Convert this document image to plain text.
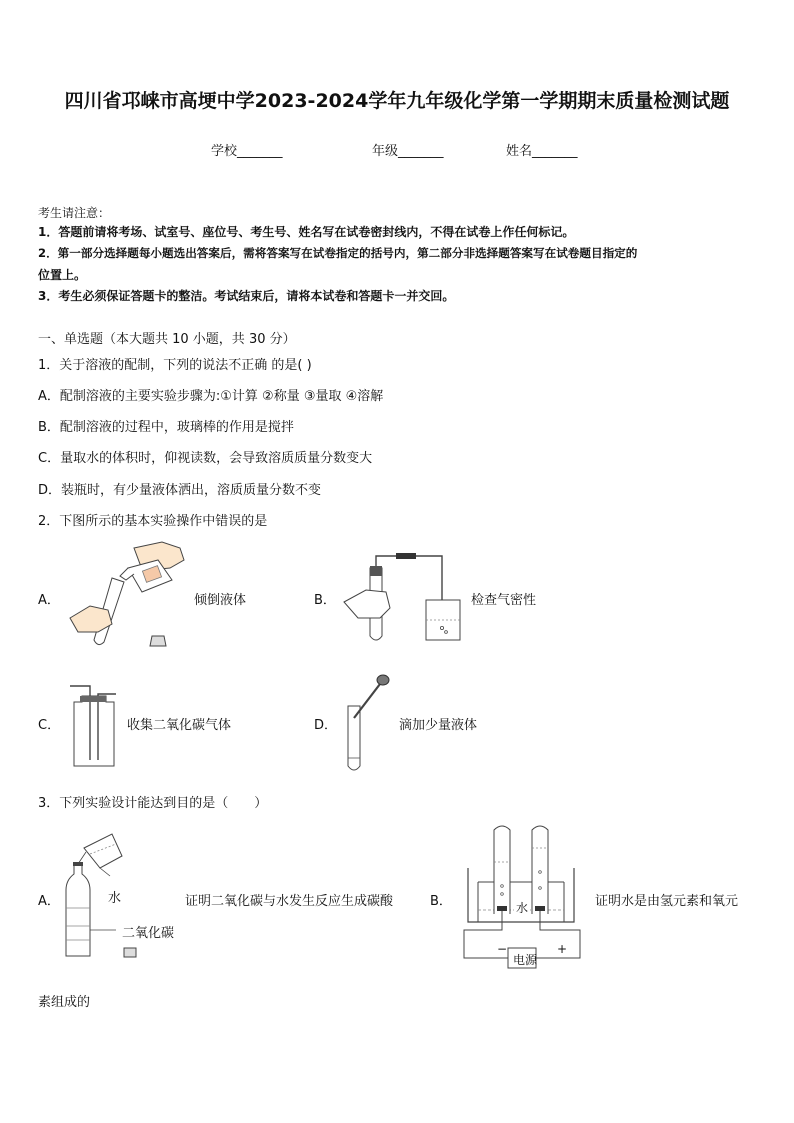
四川省邛崃市高埂中学2023-2024学年九年级化学第一学期期末质量检测试题
学校_______	年级_______	姓名_______
考生请注意：
1．答题前请将考场、试室号、座位号、考生号、姓名写在试卷密封线内，不得在试卷上作任何标记。
2．第一部分选择题每小题选出答案后，需将答案写在试卷指定的括号内，第二部分非选择题答案写在试卷题目指定的
位置上。
3．考生必须保证答题卡的整洁。考试结束后，请将本试卷和答题卡一并交回。
一、单选题（本大题共 10 小题，共 30 分）
1．关于溶液的配制，下列的说法不正确 的是( )
A．配制溶液的主要实验步骤为:①计算 ②称量 ③量取 ④溶解
B．配制溶液的过程中，玻璃棒的作用是搅拌
C．量取水的体积时，仰视读数，会导致溶质质量分数变大
D．装瓶时，有少量液体洒出，溶质质量分数不变
2．下图所示的基本实验操作中错误的是
A．	倾倒液体	B．	检查气密性
C．	收集二氧化碳气体	D．	滴加少量液体
3．下列实验设计能达到目的是（　　）
A．	水
二氧化碳
证明二氧化碳与水发生反应生成碳酸	B．	水
−	+
电源
证明水是由氢元素和氧元
素组成的
